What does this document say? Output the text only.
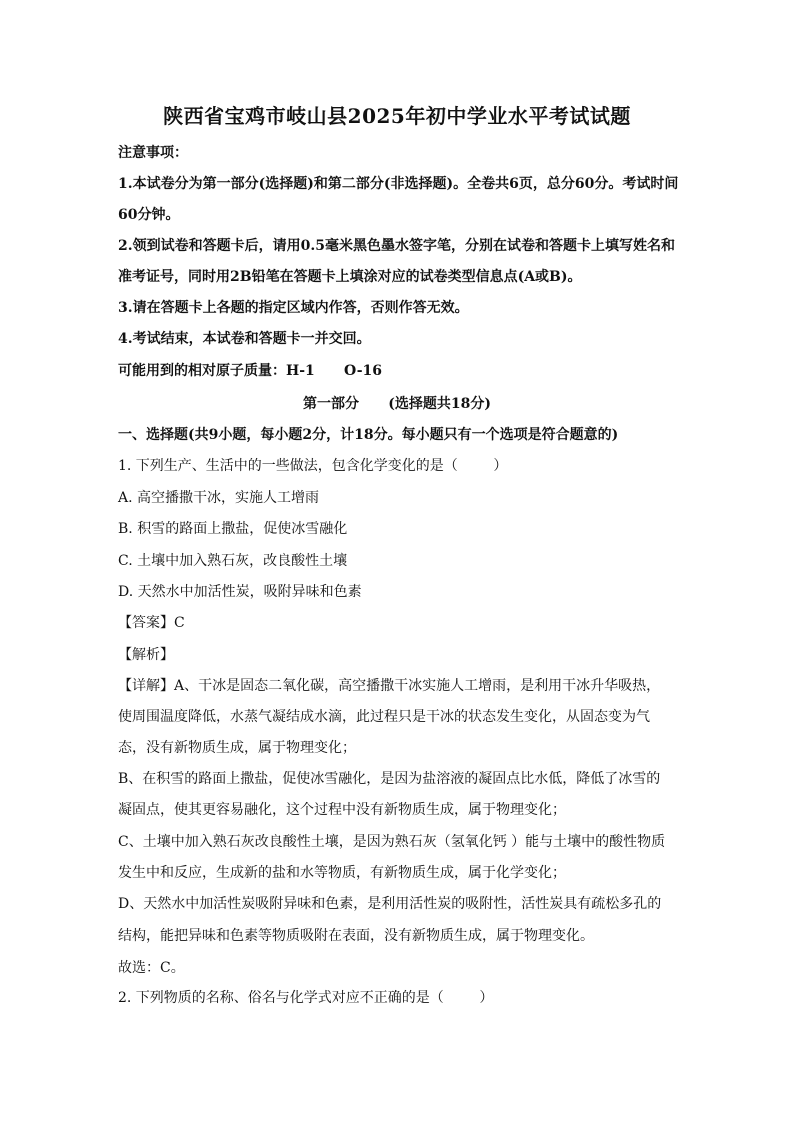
陕西省宝鸡市岐山县2025年初中学业水平考试试题
注意事项：
1.本试卷分为第一部分(选择题)和第二部分(非选择题)。全卷共6页，总分60分。考试时间
60分钟。
2.领到试卷和答题卡后，请用0.5毫米黑色墨水签字笔，分别在试卷和答题卡上填写姓名和
准考证号，同时用2B铅笔在答题卡上填涂对应的试卷类型信息点(A或B)。
3.请在答题卡上各题的指定区域内作答，否则作答无效。
4.考试结束，本试卷和答题卡一并交回。
可能用到的相对原子质量：H-1      O-16
第一部分      (选择题共18分)
一、选择题(共9小题，每小题2分，计18分。每小题只有一个选项是符合题意的)
1. 下列生产、生活中的一些做法，包含化学变化的是（        ）
A. 高空播撒干冰，实施人工增雨
B. 积雪的路面上撒盐，促使冰雪融化
C. 土壤中加入熟石灰，改良酸性土壤
D. 天然水中加活性炭，吸附异味和色素
【答案】C
【解析】
【详解】A、干冰是固态二氧化碳，高空播撒干冰实施人工增雨，是利用干冰升华吸热，
使周围温度降低，水蒸气凝结成水滴，此过程只是干冰的状态发生变化，从固态变为气
态，没有新物质生成，属于物理变化；
B、在积雪的路面上撒盐，促使冰雪融化，是因为盐溶液的凝固点比水低，降低了冰雪的
凝固点，使其更容易融化，这个过程中没有新物质生成，属于物理变化；
C、土壤中加入熟石灰改良酸性土壤，是因为熟石灰（氢氧化钙 ）能与土壤中的酸性物质
发生中和反应，生成新的盐和水等物质，有新物质生成，属于化学变化；
D、天然水中加活性炭吸附异味和色素，是利用活性炭的吸附性，活性炭具有疏松多孔的
结构，能把异味和色素等物质吸附在表面，没有新物质生成，属于物理变化。
故选：C。
2. 下列物质的名称、俗名与化学式对应不正确的是（        ）
